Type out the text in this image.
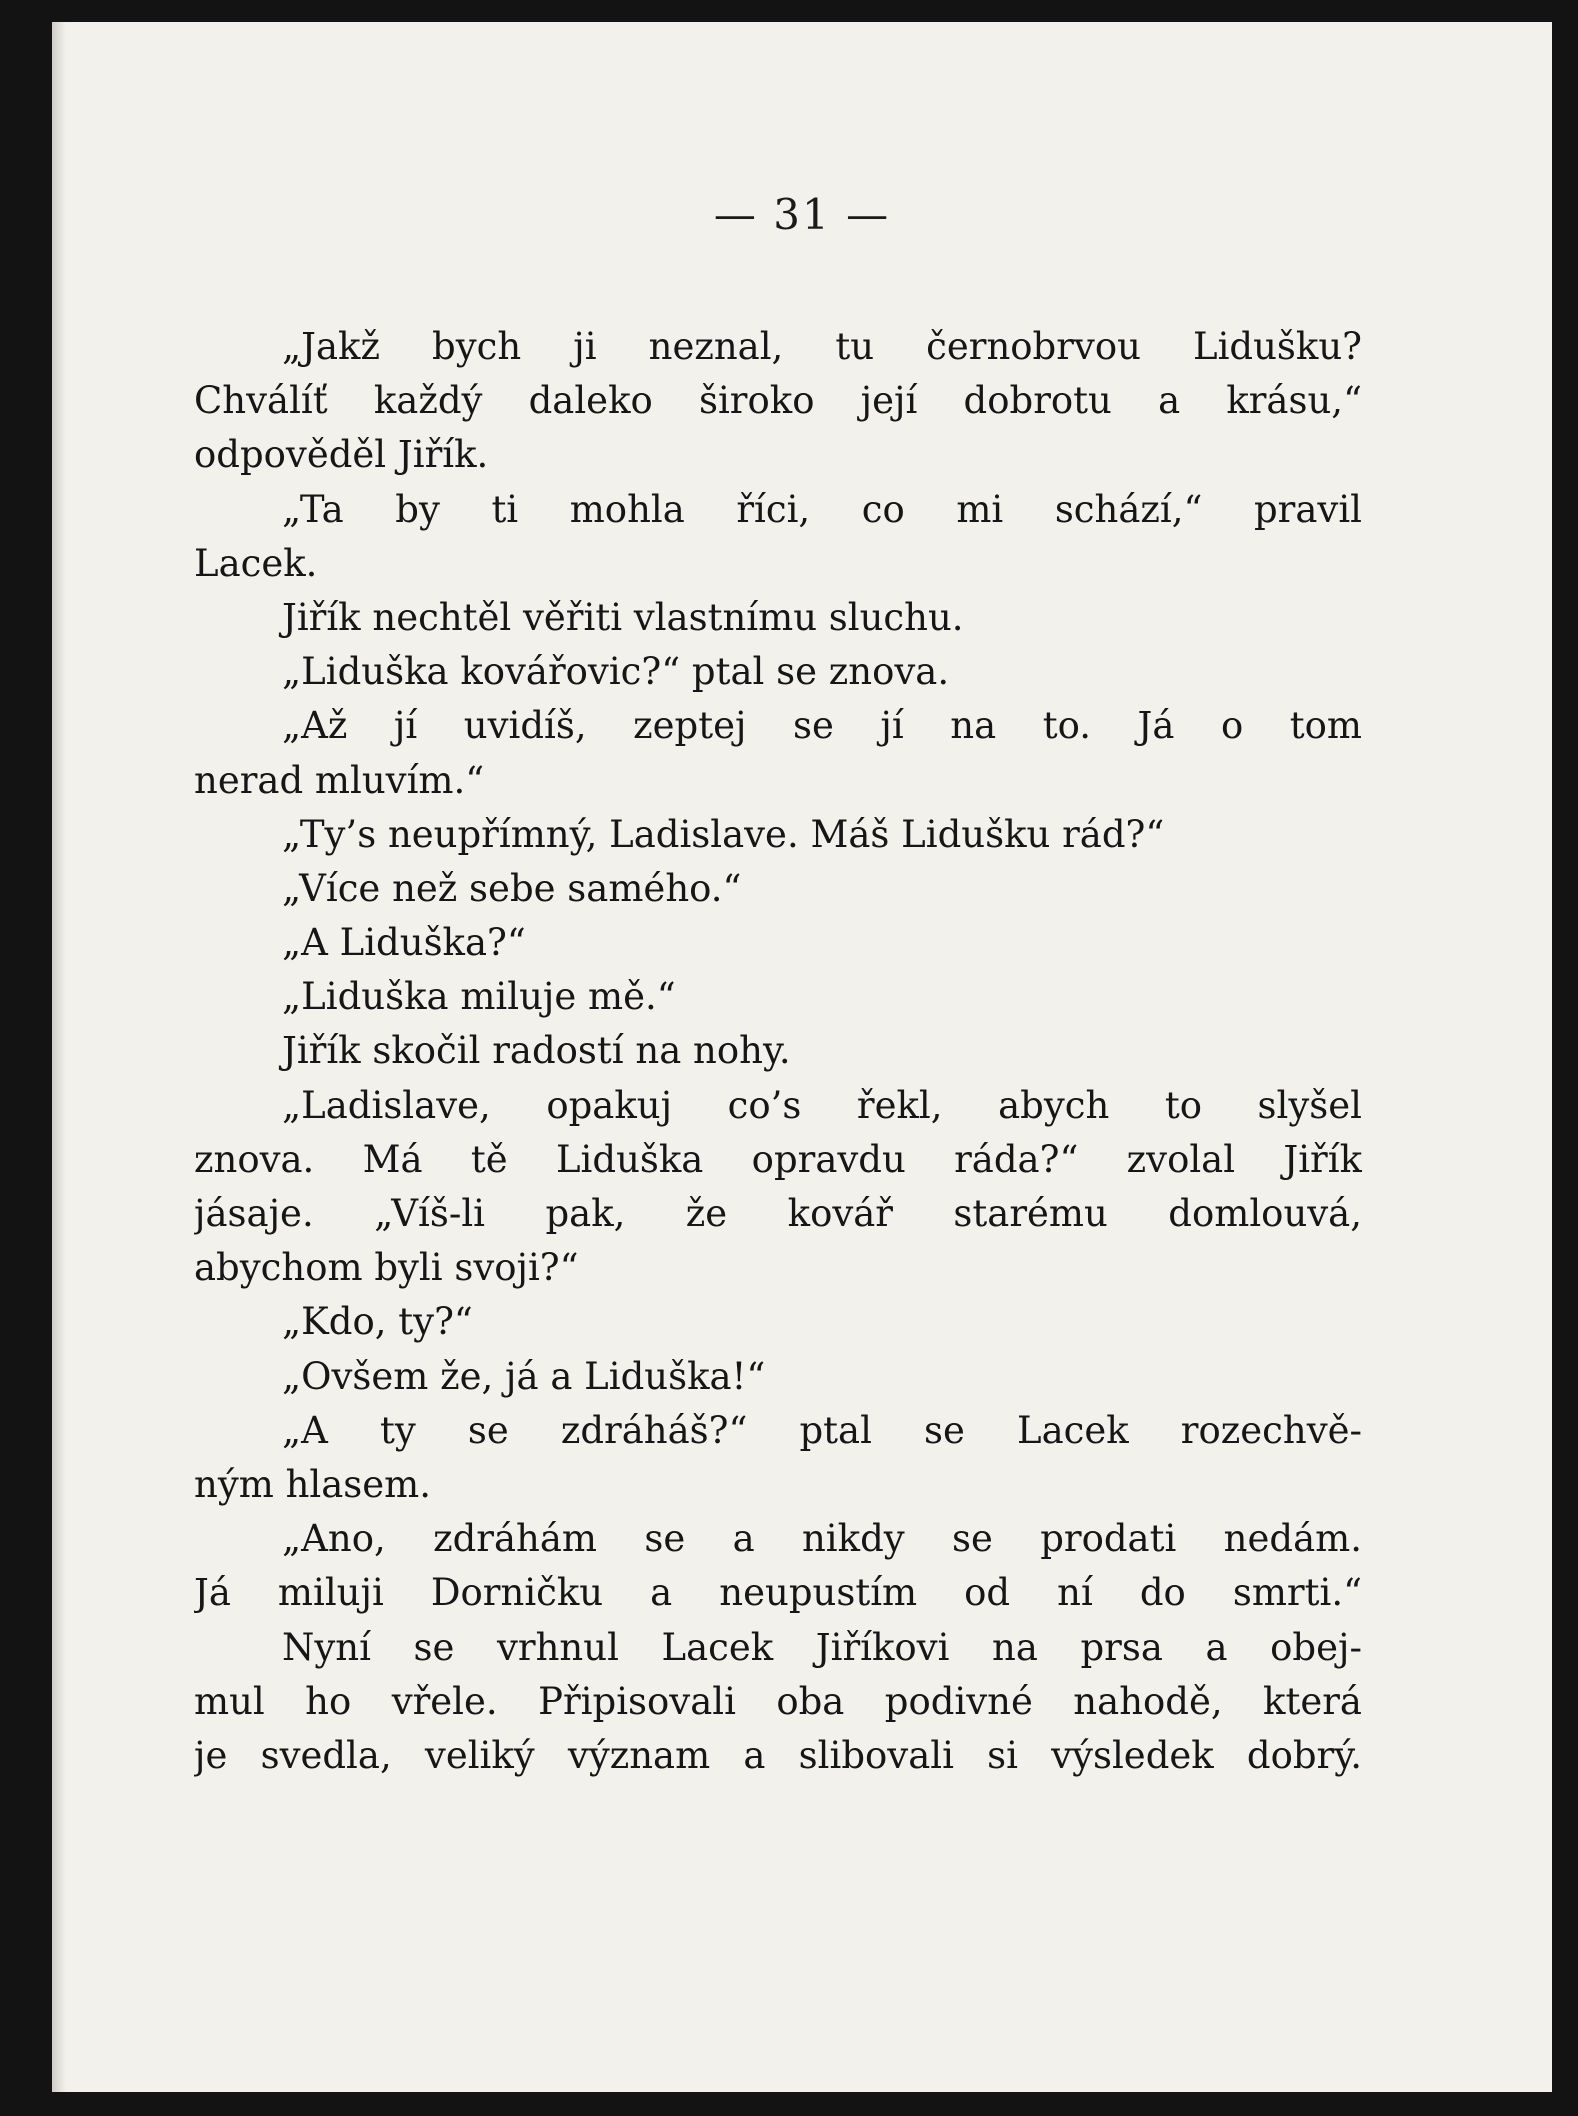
— 31 —
„Jakž bych ji neznal, tu černobrvou Lidušku?
Chválíť každý daleko široko její dobrotu a krásu,“
odpověděl Jiřík.
„Ta by ti mohla říci, co mi schází,“ pravil
Lacek.
Jiřík nechtěl věřiti vlastnímu sluchu.
„Liduška kovářovic?“ ptal se znova.
„Až jí uvidíš, zeptej se jí na to. Já o tom
nerad mluvím.“
„Ty’s neupřímný, Ladislave. Máš Lidušku rád?“
„Více než sebe samého.“
„A Liduška?“
„Liduška miluje mě.“
Jiřík skočil radostí na nohy.
„Ladislave, opakuj co’s řekl, abych to slyšel
znova. Má tě Liduška opravdu ráda?“ zvolal Jiřík
jásaje. „Víš-li pak, že kovář starému domlouvá,
abychom byli svoji?“
„Kdo, ty?“
„Ovšem že, já a Liduška!“
„A ty se zdráháš?“ ptal se Lacek rozechvě-
ným hlasem.
„Ano, zdráhám se a nikdy se prodati nedám.
Já miluji Dorničku a neupustím od ní do smrti.“
Nyní se vrhnul Lacek Jiříkovi na prsa a obej-
mul ho vřele. Připisovali oba podivné nahodě, která
je svedla, veliký význam a slibovali si výsledek dobrý.
